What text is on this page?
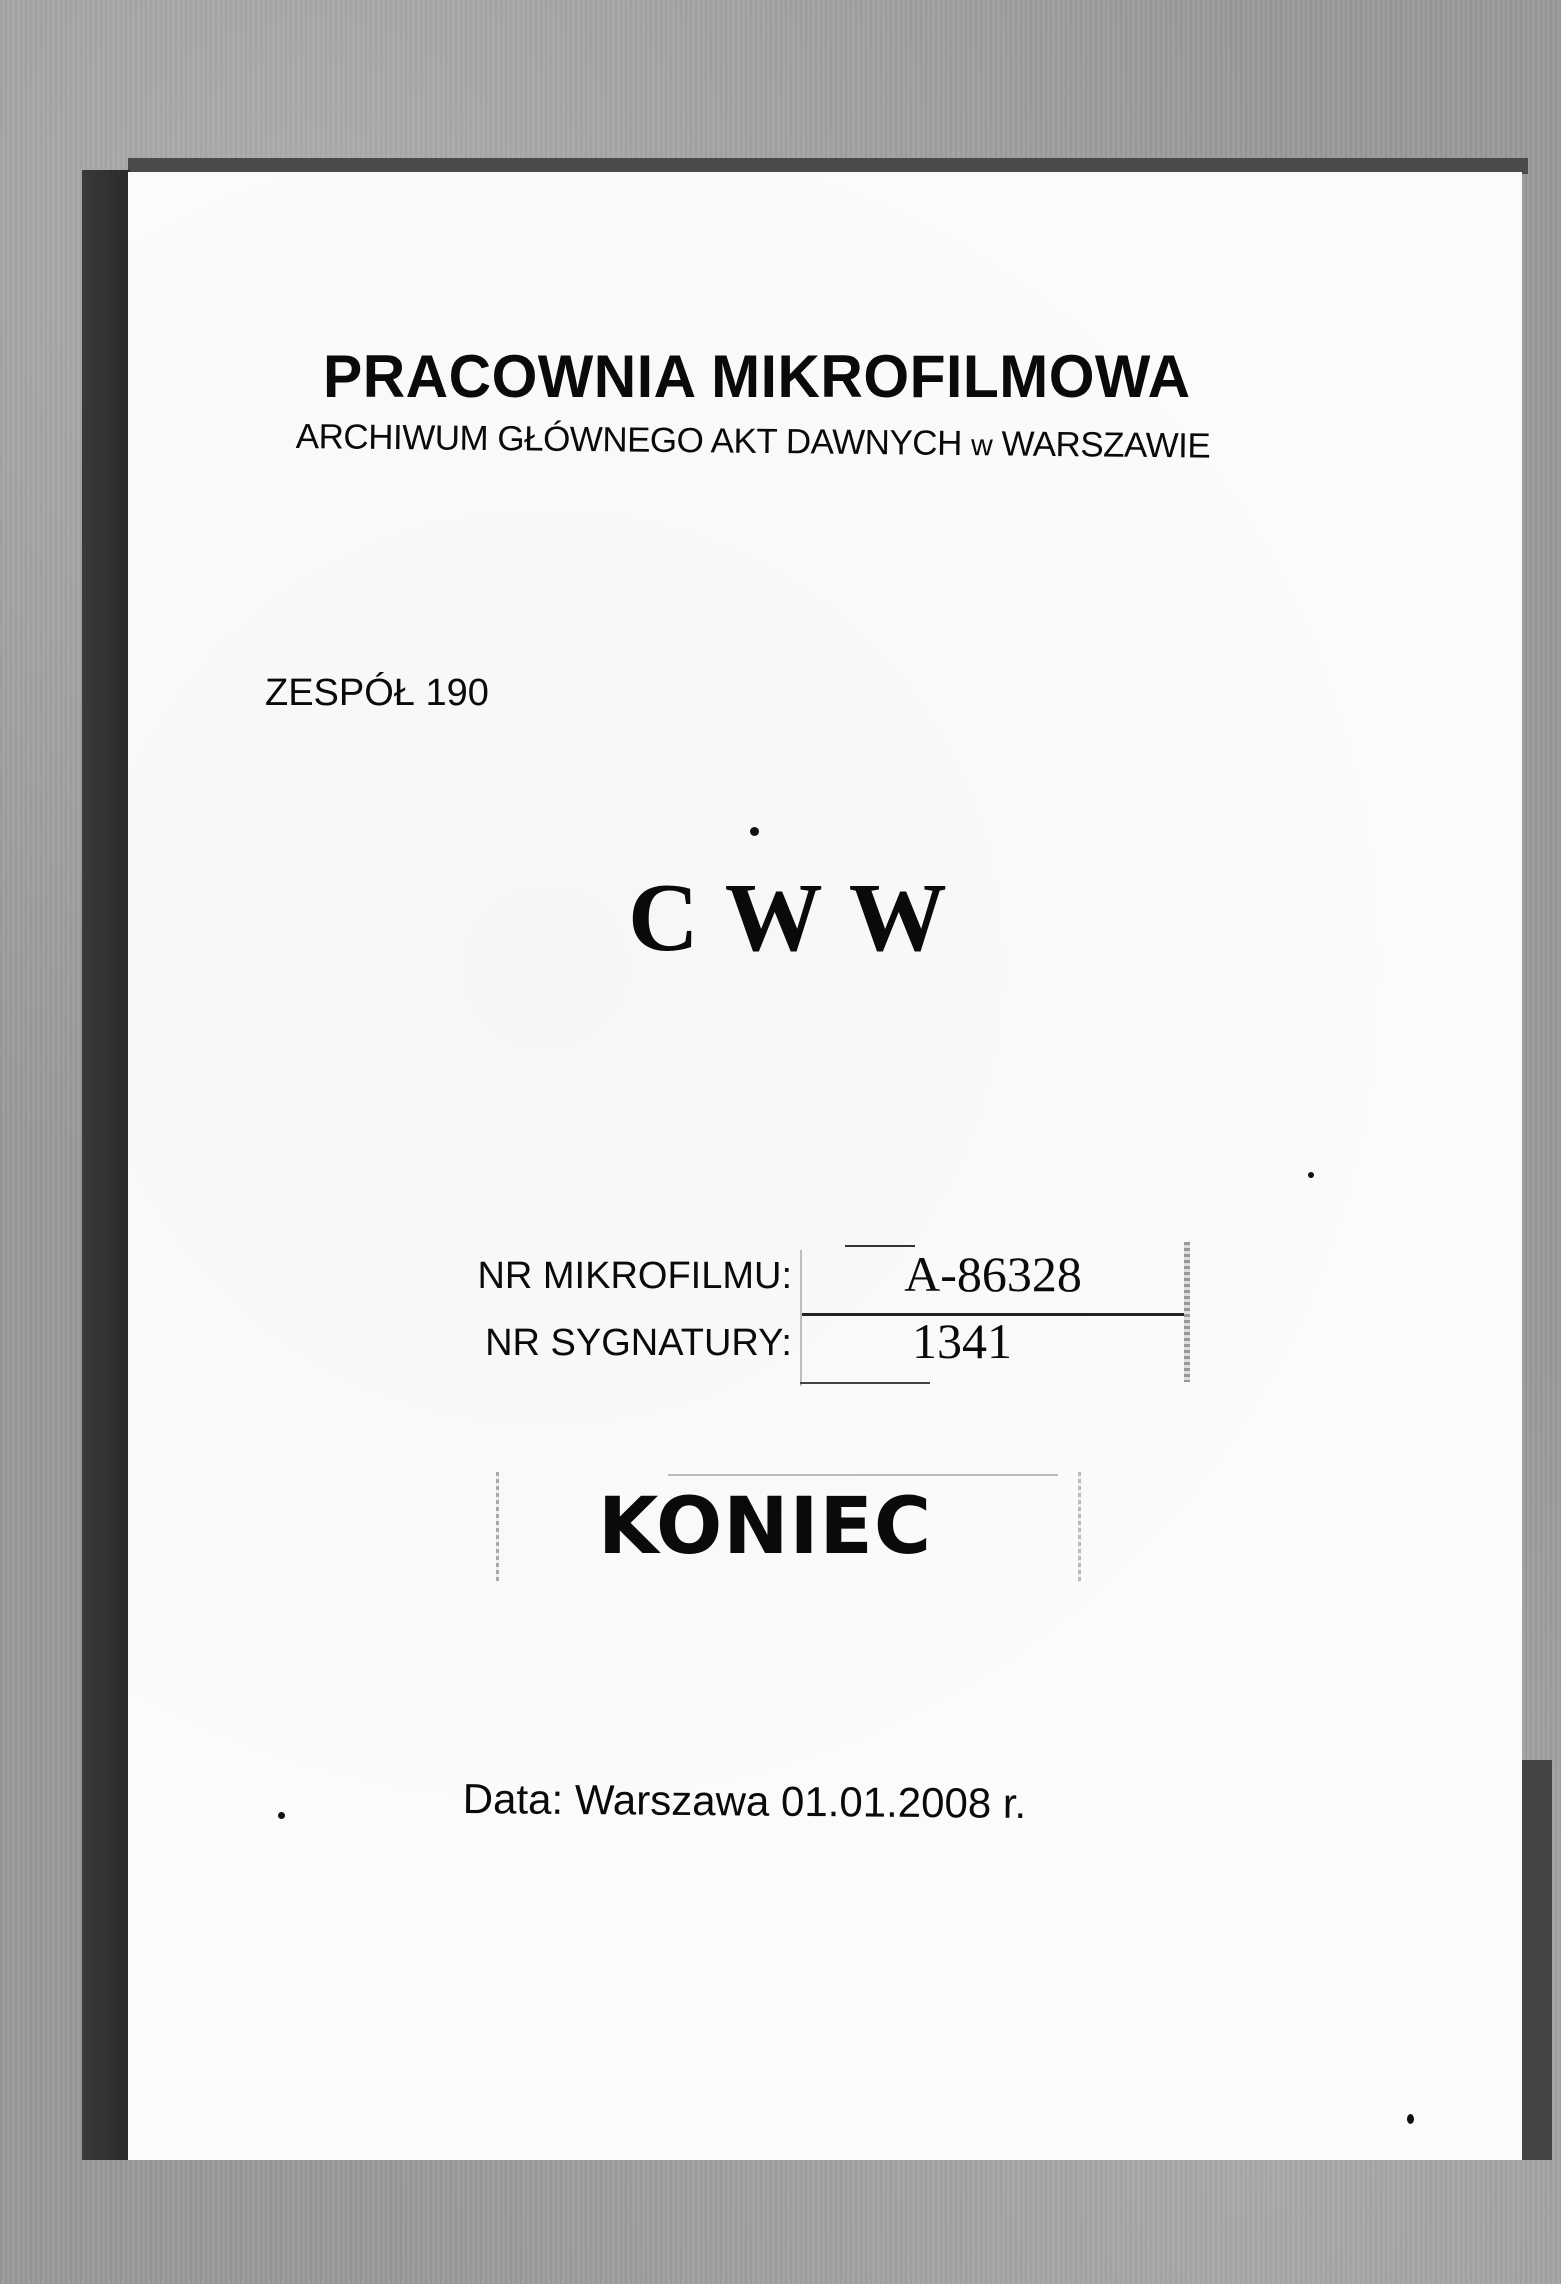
PRACOWNIA MIKROFILMOWA
ARCHIWUM GŁÓWNEGO AKT DAWNYCH w WARSZAWIE
ZESPÓŁ 190
CWW
NR MIKROFILMU:	A-86328
NR SYGNATURY:	1341
KONIEC
Data: Warszawa 01.01.2008 r.
